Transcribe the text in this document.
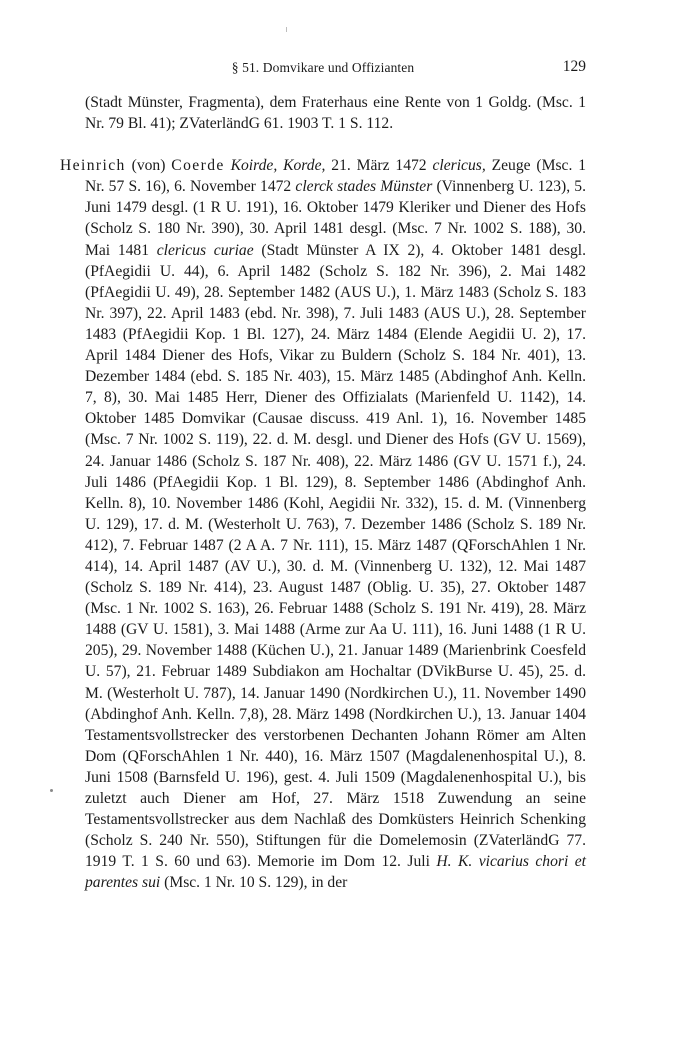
§ 51. Domvikare und Offizianten	129

(Stadt Münster, Fragmenta), dem Fraterhaus eine Rente von 1 Goldg. (Msc. 1 Nr. 79 Bl. 41); ZVaterländG 61. 1903 T. 1 S. 112.

Heinrich (von) Coerde Koirde, Korde, 21. März 1472 clericus, Zeuge (Msc. 1 Nr. 57 S. 16), 6. November 1472 clerck stades Münster (Vinnenberg U. 123), 5. Juni 1479 desgl. (1 R U. 191), 16. Oktober 1479 Kleriker und Diener des Hofs (Scholz S. 180 Nr. 390), 30. April 1481 desgl. (Msc. 7 Nr. 1002 S. 188), 30. Mai 1481 clericus curiae (Stadt Münster A IX 2), 4. Oktober 1481 desgl. (PfAegidii U. 44), 6. April 1482 (Scholz S. 182 Nr. 396), 2. Mai 1482 (PfAegidii U. 49), 28. September 1482 (AUS U.), 1. März 1483 (Scholz S. 183 Nr. 397), 22. April 1483 (ebd. Nr. 398), 7. Juli 1483 (AUS U.), 28. September 1483 (PfAegidii Kop. 1 Bl. 127), 24. März 1484 (Elende Aegidii U. 2), 17. April 1484 Diener des Hofs, Vikar zu Buldern (Scholz S. 184 Nr. 401), 13. Dezember 1484 (ebd. S. 185 Nr. 403), 15. März 1485 (Abdinghof Anh. Kelln. 7, 8), 30. Mai 1485 Herr, Diener des Offizialats (Marienfeld U. 1142), 14. Oktober 1485 Domvikar (Causae discuss. 419 Anl. 1), 16. November 1485 (Msc. 7 Nr. 1002 S. 119), 22. d. M. desgl. und Diener des Hofs (GV U. 1569), 24. Januar 1486 (Scholz S. 187 Nr. 408), 22. März 1486 (GV U. 1571 f.), 24. Juli 1486 (PfAegidii Kop. 1 Bl. 129), 8. September 1486 (Abdinghof Anh. Kelln. 8), 10. November 1486 (Kohl, Aegidii Nr. 332), 15. d. M. (Vinnenberg U. 129), 17. d. M. (Westerholt U. 763), 7. Dezember 1486 (Scholz S. 189 Nr. 412), 7. Februar 1487 (2 A A. 7 Nr. 111), 15. März 1487 (QForschAhlen 1 Nr. 414), 14. April 1487 (AV U.), 30. d. M. (Vinnenberg U. 132), 12. Mai 1487 (Scholz S. 189 Nr. 414), 23. August 1487 (Oblig. U. 35), 27. Oktober 1487 (Msc. 1 Nr. 1002 S. 163), 26. Februar 1488 (Scholz S. 191 Nr. 419), 28. März 1488 (GV U. 1581), 3. Mai 1488 (Arme zur Aa U. 111), 16. Juni 1488 (1 R U. 205), 29. November 1488 (Küchen U.), 21. Januar 1489 (Marienbrink Coesfeld U. 57), 21. Februar 1489 Subdiakon am Hochaltar (DVikBurse U. 45), 25. d. M. (Westerholt U. 787), 14. Januar 1490 (Nordkirchen U.), 11. November 1490 (Abdinghof Anh. Kelln. 7,8), 28. März 1498 (Nordkirchen U.), 13. Januar 1404 Testamentsvollstrecker des verstorbenen Dechanten Johann Römer am Alten Dom (QForschAhlen 1 Nr. 440), 16. März 1507 (Magdalenenhospital U.), 8. Juni 1508 (Barnsfeld U. 196), gest. 4. Juli 1509 (Magdalenenhospital U.), bis zuletzt auch Diener am Hof, 27. März 1518 Zuwendung an seine Testamentsvollstrecker aus dem Nachlaß des Domküsters Heinrich Schenking (Scholz S. 240 Nr. 550), Stiftungen für die Domelemosin (ZVaterländG 77. 1919 T. 1 S. 60 und 63). Memorie im Dom 12. Juli H. K. vicarius chori et parentes sui (Msc. 1 Nr. 10 S. 129), in der
